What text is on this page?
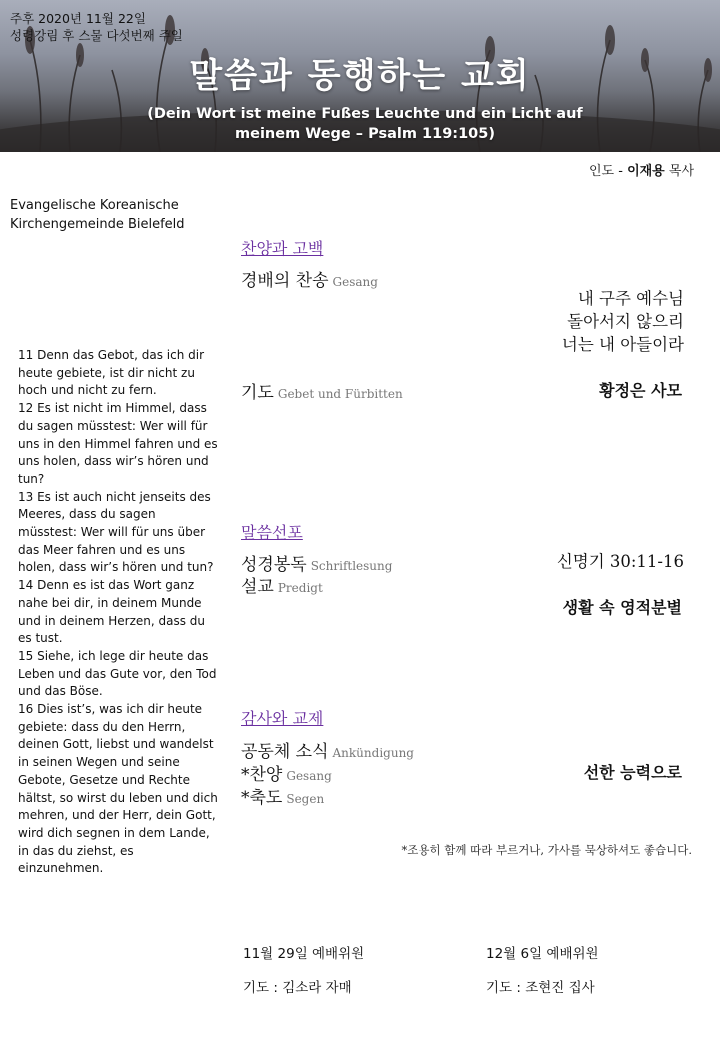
주후 2020년 11월 22일
성령강림 후 스물 다섯번째 주일
말씀과 동행하는 교회
(Dein Wort ist meine Fußes Leuchte und ein Licht auf
meinem Wege – Psalm 119:105)
인도 - 이재용 목사
Evangelische Koreanische
Kirchengemeinde Bielefeld

11 Denn das Gebot, das ich dir heute gebiete, ist dir nicht zu hoch und nicht zu fern.

12 Es ist nicht im Himmel, dass du sagen müsstest: Wer will für uns in den Himmel fahren und es uns holen, dass wir’s hören und tun?

13 Es ist auch nicht jenseits des Meeres, dass du sagen müsstest: Wer will für uns über das Meer fahren und es uns holen, dass wir’s hören und tun?

14 Denn es ist das Wort ganz nahe bei dir, in deinem Munde und in deinem Herzen, dass du es tust.

15 Siehe, ich lege dir heute das Leben und das Gute vor, den Tod und das Böse.

16 Dies ist’s, was ich dir heute gebiete: dass du den Herrn, deinen Gott, liebst und wandelst in seinen Wegen und seine Gebote, Gesetze und Rechte hältst, so wirst du leben und dich mehren, und der Herr, dein Gott, wird dich segnen in dem Lande, in das du ziehst, es einzunehmen.

찬양과 고백
경배의 찬송 Gesang
내 구주 예수님
돌아서지 않으리
너는 내 아들이라
기도 Gebet und Fürbitten	황정은 사모
말씀선포
성경봉독 Schriftlesung	신명기 30:11-16
설교 Predigt
생활 속 영적분별
감사와 교제
공동체 소식 Ankündigung
*찬양 Gesang	선한 능력으로
*축도 Segen
*조용히 함께 따라 부르거나, 가사를 묵상하셔도 좋습니다.
11월 29일 예배위원
기도 : 김소라 자매
12월 6일 예배위원
기도 : 조현진 집사
